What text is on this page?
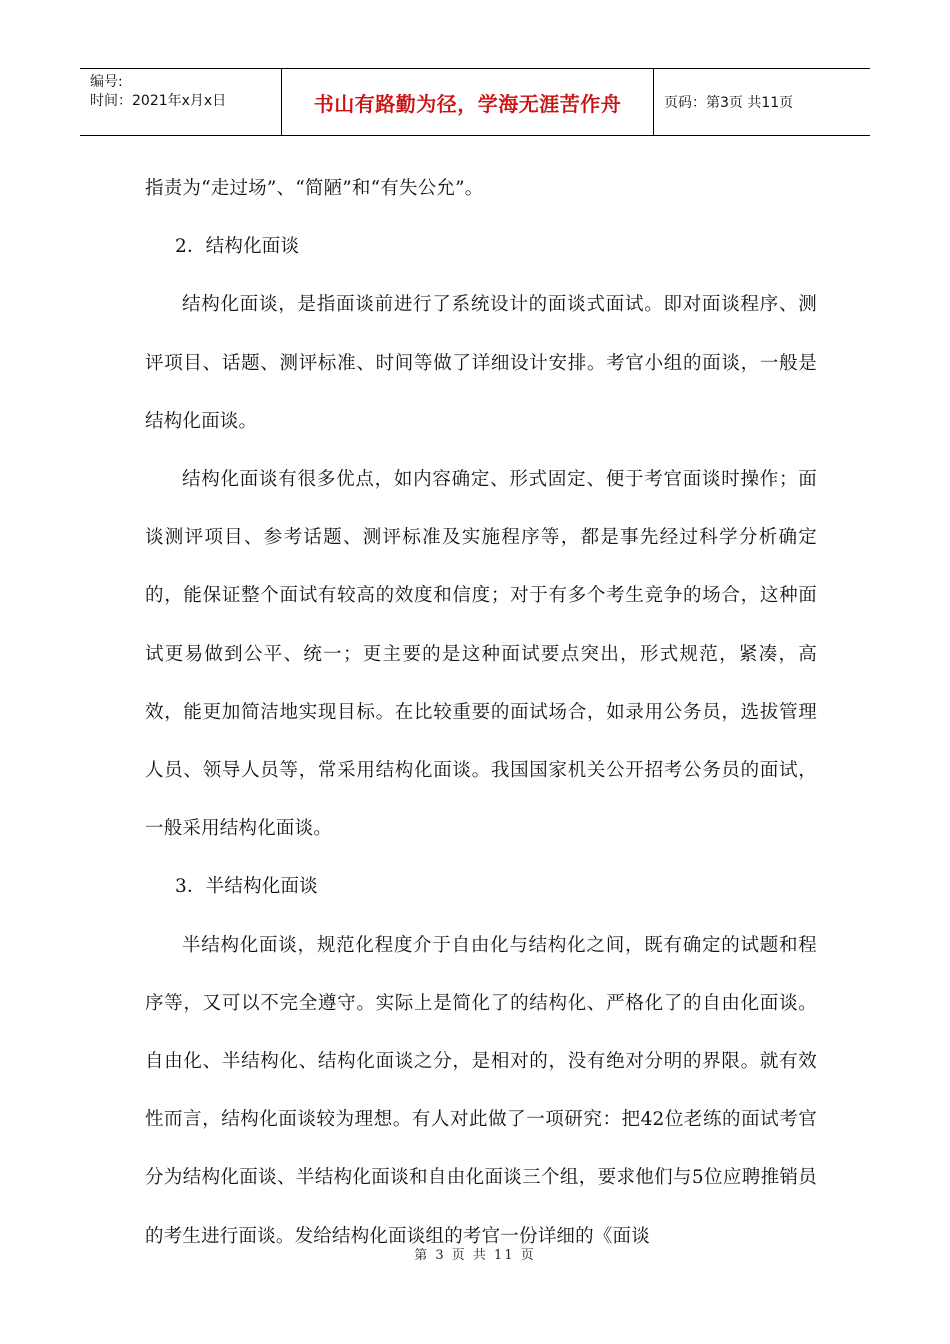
编号:
时间：2021年x月x日	书山有路勤为径，学海无涯苦作舟	页码：第3页 共11页

指责为“走过场”、“简陋”和“有失公允”。

2．结构化面谈

结构化面谈，是指面谈前进行了系统设计的面谈式面试。即对面谈程序、测评项目、话题、测评标准、时间等做了详细设计安排。考官小组的面谈，一般是结构化面谈。

结构化面谈有很多优点，如内容确定、形式固定、便于考官面谈时操作；面谈测评项目、参考话题、测评标准及实施程序等，都是事先经过科学分析确定的，能保证整个面试有较高的效度和信度；对于有多个考生竞争的场合，这种面试更易做到公平、统一；更主要的是这种面试要点突出，形式规范，紧凑，高效，能更加简洁地实现目标。在比较重要的面试场合，如录用公务员，选拔管理人员、领导人员等，常采用结构化面谈。我国国家机关公开招考公务员的面试，一般采用结构化面谈。

3．半结构化面谈

半结构化面谈，规范化程度介于自由化与结构化之间，既有确定的试题和程序等，又可以不完全遵守。实际上是简化了的结构化、严格化了的自由化面谈。自由化、半结构化、结构化面谈之分，是相对的，没有绝对分明的界限。就有效性而言，结构化面谈较为理想。有人对此做了一项研究：把42位老练的面试考官分为结构化面谈、半结构化面谈和自由化面谈三个组，要求他们与5位应聘推销员的考生进行面谈。发给结构化面谈组的考官一份详细的《面谈

第 3 页 共 11 页
